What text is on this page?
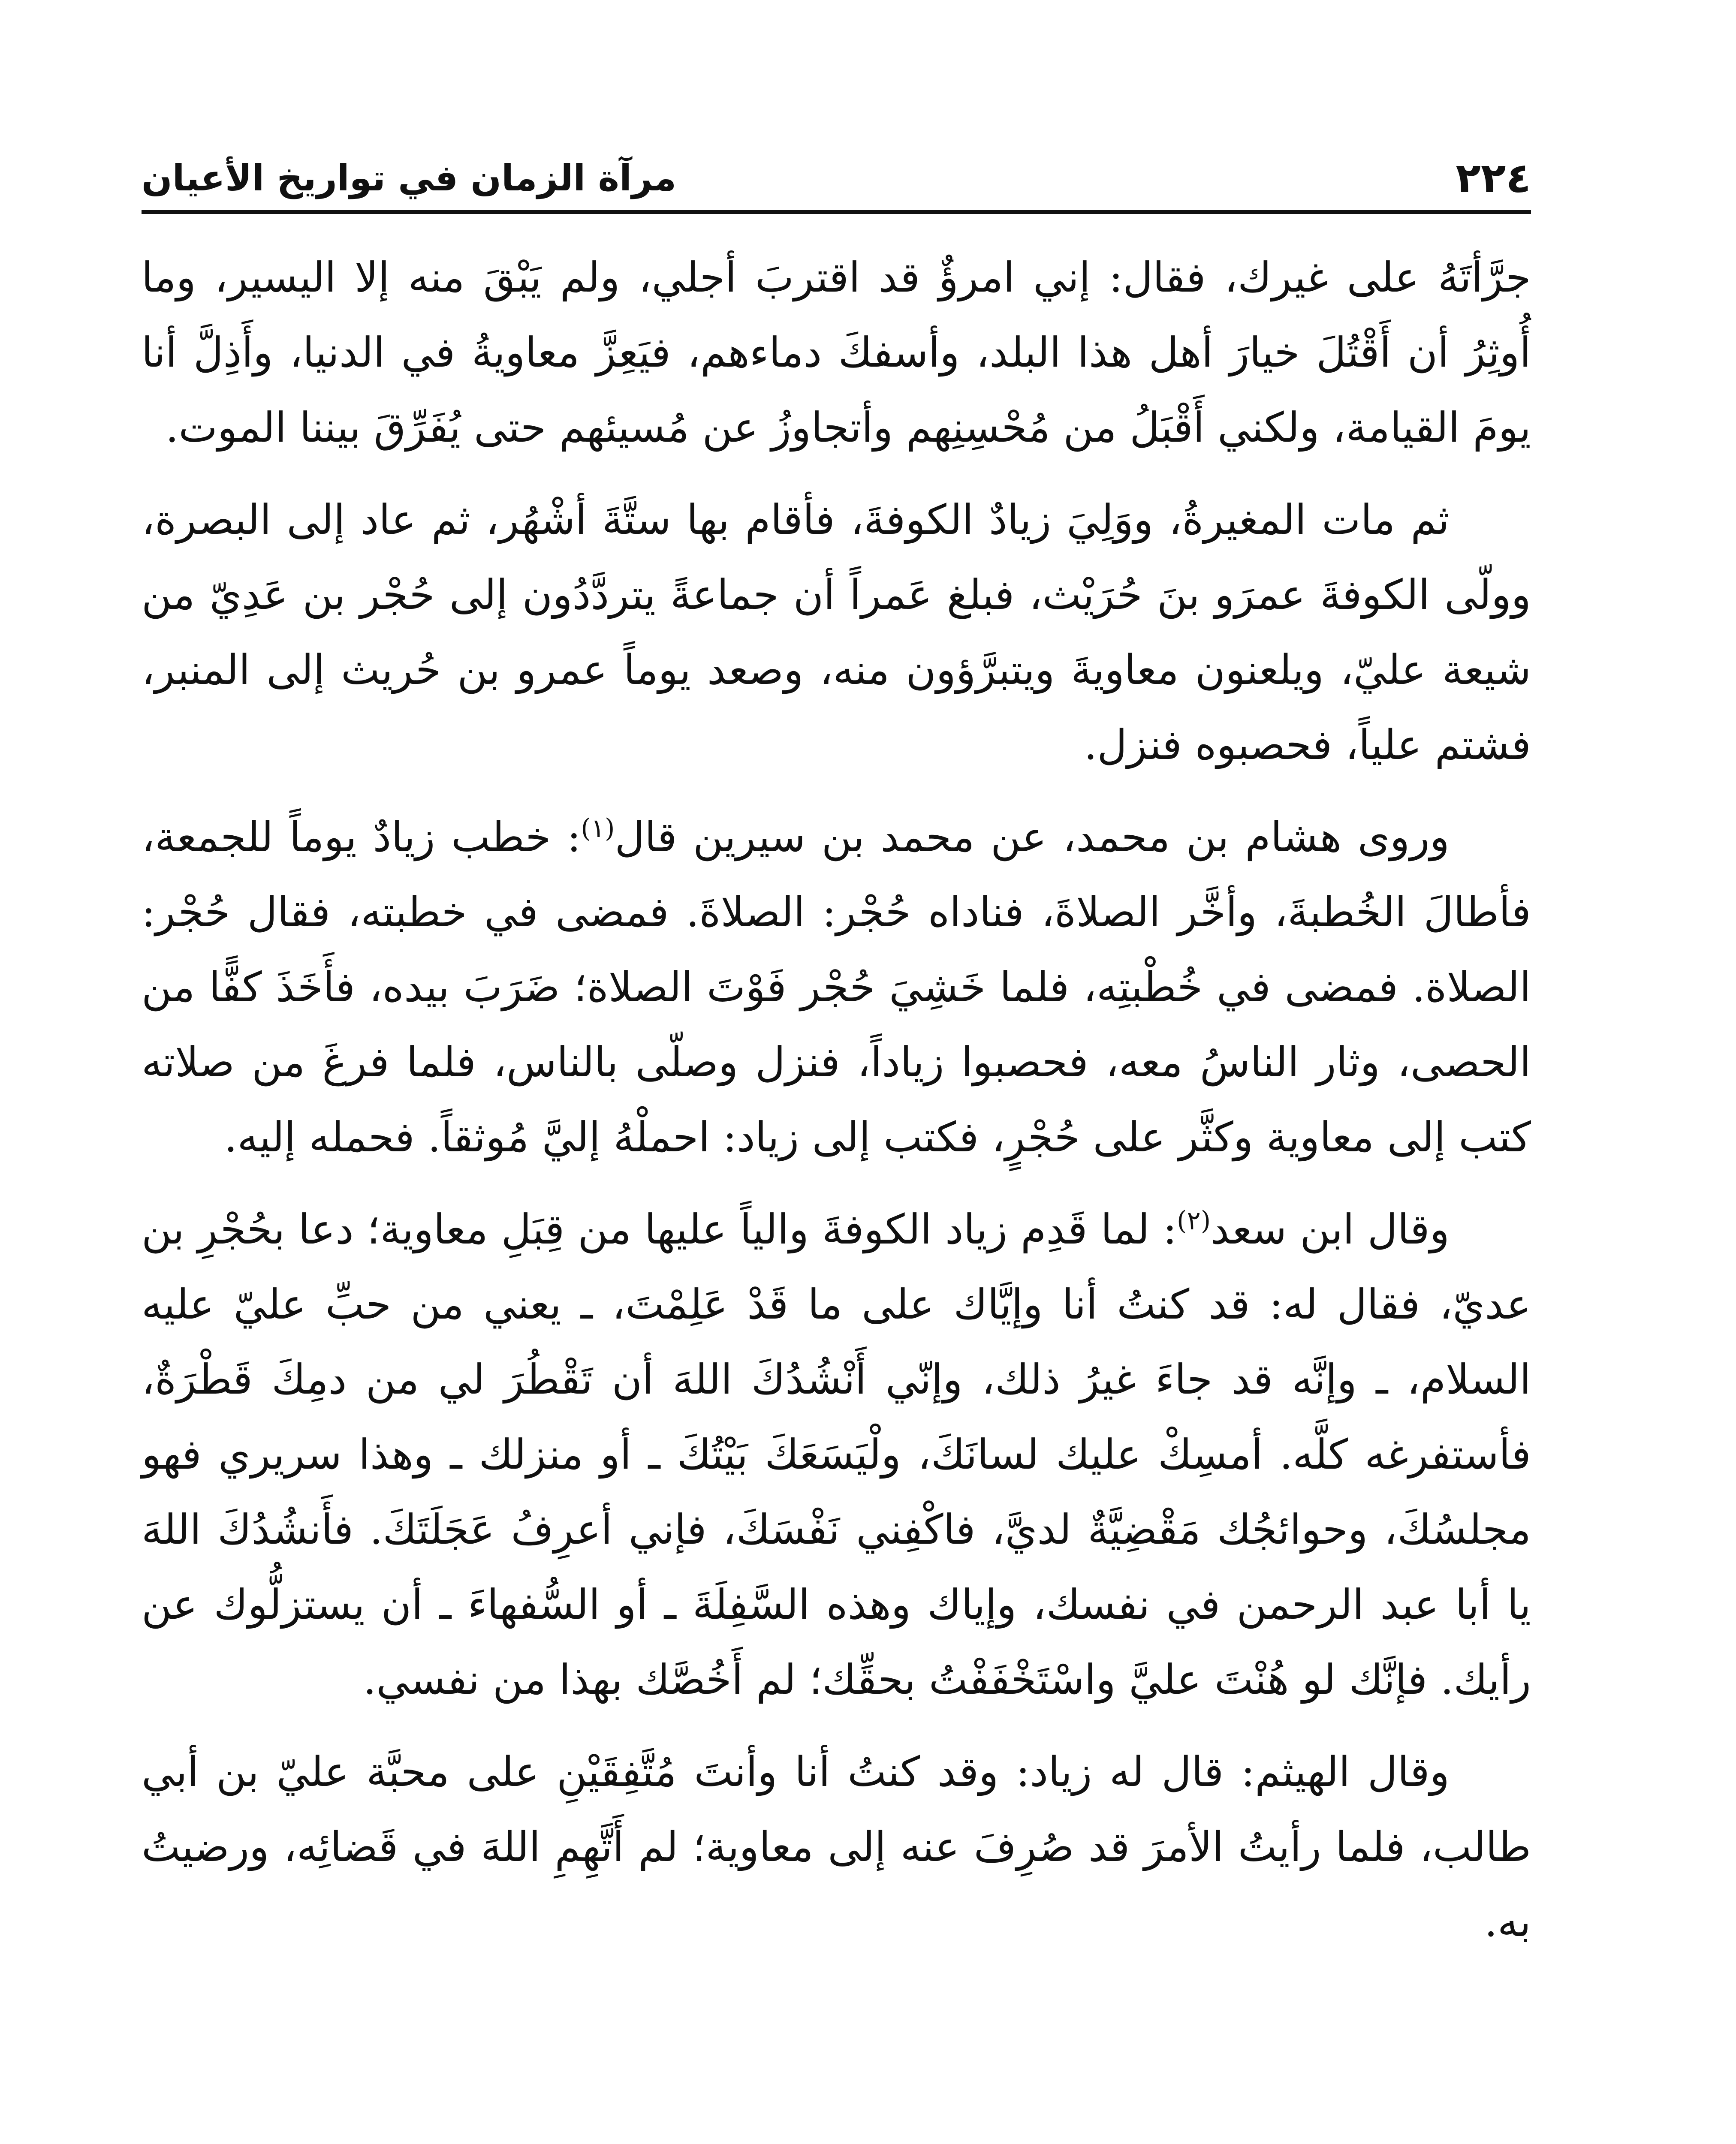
٢٢٤
مرآة الزمان في تواريخ الأعيان

جرَّأتَهُ على غيرك، فقال: إني امرؤٌ قد اقتربَ أجلي، ولم يَبْقَ منه إلا اليسير، وما أُوثِرُ أن أَقْتُلَ خيارَ أهل هذا البلد، وأسفكَ دماءهم، فيَعِزَّ معاويةُ في الدنيا، وأَذِلَّ أنا يومَ القيامة، ولكني أَقْبَلُ من مُحْسِنِهم وأتجاوزُ عن مُسيئهم حتى يُفَرِّقَ بيننا الموت.

ثم مات المغيرةُ، ووَلِيَ زيادٌ الكوفةَ، فأقام بها ستَّةَ أشْهُر، ثم عاد إلى البصرة، وولّى الكوفةَ عمرَو بنَ حُرَيْث، فبلغ عَمراً أن جماعةً يتردَّدُون إلى حُجْر بن عَدِيّ من شيعة عليّ، ويلعنون معاويةَ ويتبرَّؤون منه، وصعد يوماً عمرو بن حُريث إلى المنبر، فشتم علياً، فحصبوه فنزل.

وروى هشام بن محمد، عن محمد بن سيرين قال$^{(١)}$: خطب زيادٌ يوماً للجمعة، فأطالَ الخُطبةَ، وأخَّر الصلاةَ، فناداه حُجْر: الصلاةَ. فمضى في خطبته، فقال حُجْر: الصلاة. فمضى في خُطْبتِه، فلما خَشِيَ حُجْر فَوْتَ الصلاة؛ ضَرَبَ بيده، فأَخَذَ كفًّا من الحصى، وثار الناسُ معه، فحصبوا زياداً، فنزل وصلّى بالناس، فلما فرغَ من صلاته كتب إلى معاوية وكثَّر على حُجْرٍ، فكتب إلى زياد: احملْهُ إليَّ مُوثقاً. فحمله إليه.

وقال ابن سعد$^{(٢)}$: لما قَدِم زياد الكوفةَ والياً عليها من قِبَلِ معاوية؛ دعا بحُجْرِ بن عديّ، فقال له: قد كنتُ أنا وإيَّاك على ما قَدْ عَلِمْتَ، ـ يعني من حبِّ عليّ عليه السلام، ـ وإنَّه قد جاءَ غيرُ ذلك، وإنّي أَنْشُدُكَ اللهَ أن تَقْطُرَ لي من دمِكَ قَطْرَةٌ، فأستفرغه كلَّه. أمسِكْ عليك لسانَكَ، ولْيَسَعَكَ بَيْتُكَ ـ أو منزلك ـ وهذا سريري فهو مجلسُكَ، وحوائجُك مَقْضِيَّةٌ لديَّ، فاكْفِني نَفْسَكَ، فإني أعرِفُ عَجَلَتَكَ. فأَنشُدُكَ اللهَ يا أبا عبد الرحمن في نفسك، وإياك وهذه السَّفِلَةَ ـ أو السُّفهاءَ ـ أن يستزلُّوك عن رأيك. فإنَّك لو هُنْتَ عليَّ واسْتَخْفَفْتُ بحقِّك؛ لم أَخُصَّك بهذا من نفسي.

وقال الهيثم: قال له زياد: وقد كنتُ أنا وأنتَ مُتَّفِقَيْنِ على محبَّة عليّ بن أبي طالب، فلما رأيتُ الأمرَ قد صُرِفَ عنه إلى معاوية؛ لم أَتَّهِمِ اللهَ في قَضائِه، ورضيتُ به.
